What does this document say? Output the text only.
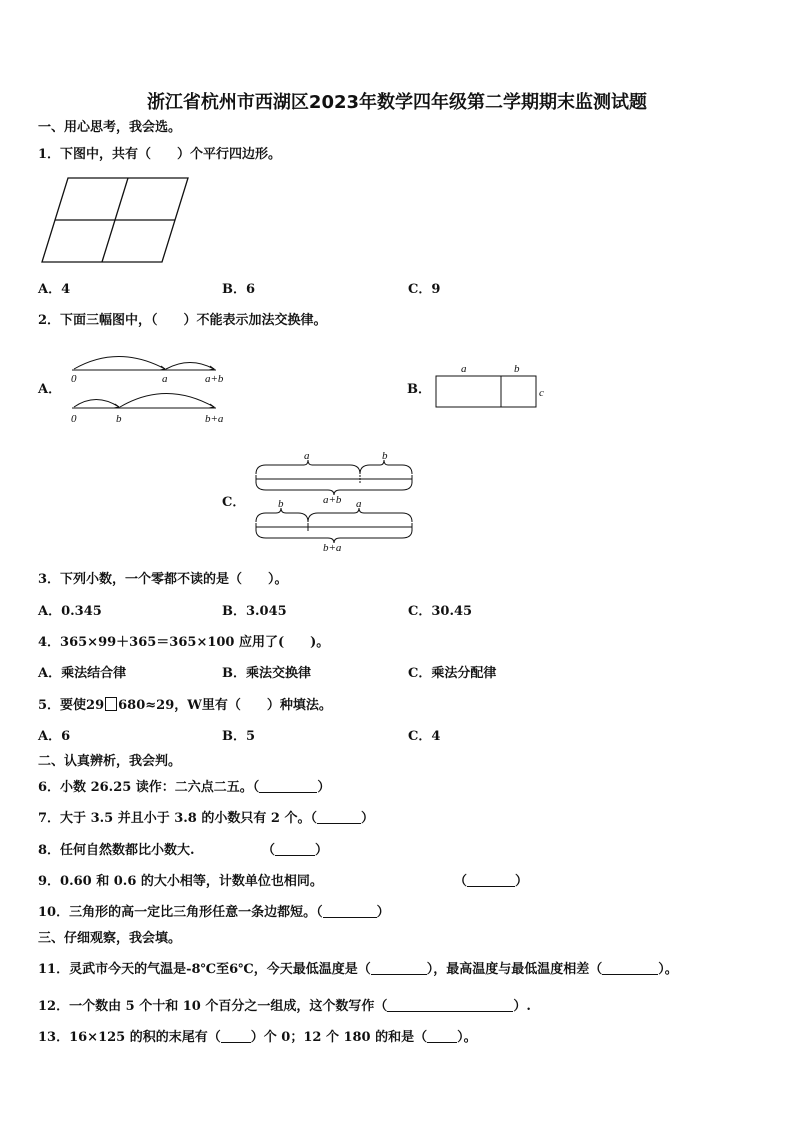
浙江省杭州市西湖区2023年数学四年级第二学期期末监测试题
一、用心思考，我会选。
1．下图中，共有（　　）个平行四边形。
A．4	B．6	C．9
2．下面三幅图中，（　　）不能表示加法交换律。
A．
0	a	a+b
0	b	b+a
B．
a	b
c
C．
a	b
a+b
b	a
b+a
3．下列小数，一个零都不读的是（　　）。
A．0.345	B．3.045	C．30.45
4．365×99＋365＝365×100 应用了(　　)。
A．乘法结合律	B．乘法交换律	C．乘法分配律
5．要使29 680≈29，W里有（　　）种填法。
A．6	B．5	C．4
二、认真辨析，我会判。
6．小数 26.25 读作：二六点二五。（	）
7．大于 3.5 并且小于 3.8 的小数只有 2 个。（	）
8．任何自然数都比小数大.	（	）
9．0.60 和 0.6 的大小相等，计数单位也相同。	（	）
10．三角形的高一定比三角形任意一条边都短。（	）
三、仔细观察，我会填。
11．灵武市今天的气温是-8℃至6℃，今天最低温度是（	），最高温度与最低温度相差（	）。
12．一个数由 5 个十和 10 个百分之一组成，这个数写作（	）.
13．16×125 的积的末尾有（ ）个 0；12 个 180 的和是（ ）。
